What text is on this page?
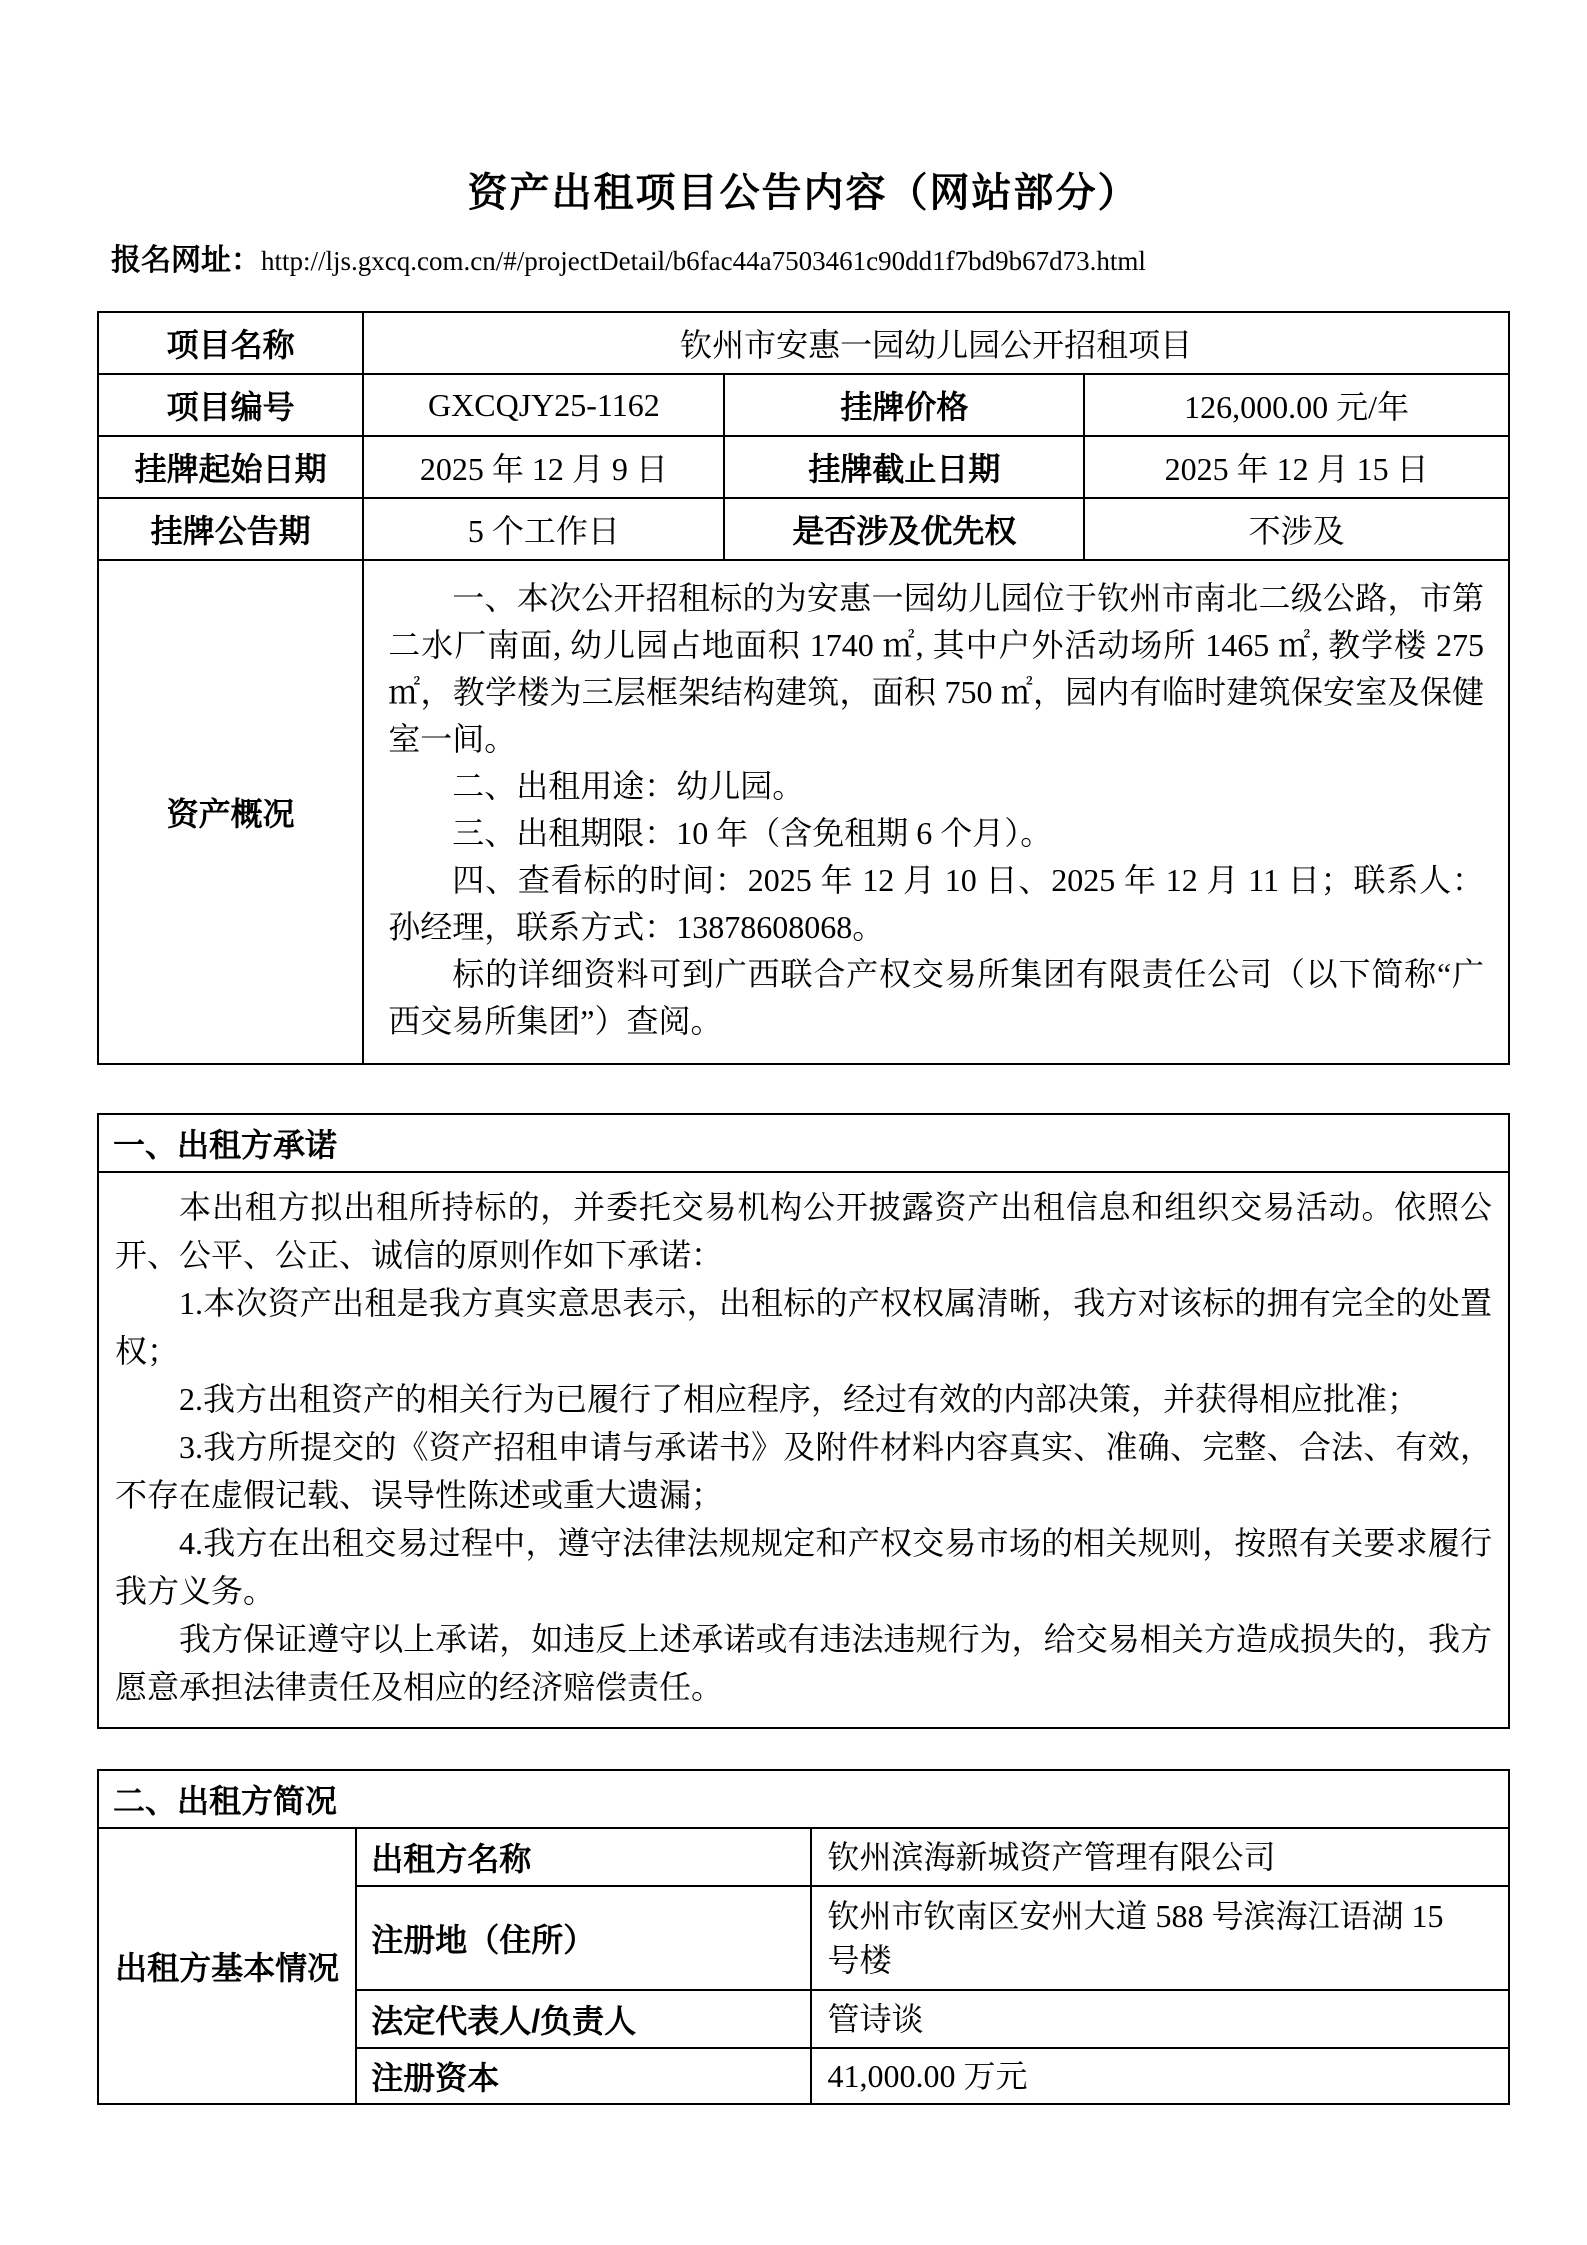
资产出租项目公告内容（网站部分）

报名网址：http://ljs.gxcq.com.cn/#/projectDetail/b6fac44a7503461c90dd1f7bd9b67d73.html

项目名称	钦州市安惠一园幼儿园公开招租项目		
项目编号	GXCQJY25-1162	挂牌价格	126,000.00 元/年
挂牌起始日期	2025 年 12 月 9 日	挂牌截止日期	2025 年 12 月 15 日
挂牌公告期	5 个工作日	是否涉及优先权	不涉及
资产概况	一、本次公开招租标的为安惠一园幼儿园位于钦州市南北二级公路，市第二水厂南面, 幼儿园占地面积 1740 ㎡, 其中户外活动场所 1465 ㎡, 教学楼 275 ㎡，教学楼为三层框架结构建筑，面积 750 ㎡，园内有临时建筑保安室及保健室一间。

二、出租用途：幼儿园。

三、出租期限：10 年（含免租期 6 个月）。

四、查看标的时间：2025 年 12 月 10 日、2025 年 12 月 11 日；联系人：孙经理，联系方式：13878608068。

标的详细资料可到广西联合产权交易所集团有限责任公司（以下简称“广西交易所集团”）查阅。		

一、出租方承诺

本出租方拟出租所持标的，并委托交易机构公开披露资产出租信息和组织交易活动。依照公开、公平、公正、诚信的原则作如下承诺：

1.本次资产出租是我方真实意思表示，出租标的产权权属清晰，我方对该标的拥有完全的处置权；

2.我方出租资产的相关行为已履行了相应程序，经过有效的内部决策，并获得相应批准；

3.我方所提交的《资产招租申请与承诺书》及附件材料内容真实、准确、完整、合法、有效，不存在虚假记载、误导性陈述或重大遗漏；

4.我方在出租交易过程中，遵守法律法规规定和产权交易市场的相关规则，按照有关要求履行我方义务。

我方保证遵守以上承诺，如违反上述承诺或有违法违规行为，给交易相关方造成损失的，我方愿意承担法律责任及相应的经济赔偿责任。

二、出租方简况		
出租方基本情况	出租方名称	钦州滨海新城资产管理有限公司
	注册地（住所）	钦州市钦南区安州大道 588 号滨海江语湖 15 号楼
	法定代表人/负责人	管诗谈
	注册资本	41,000.00 万元
